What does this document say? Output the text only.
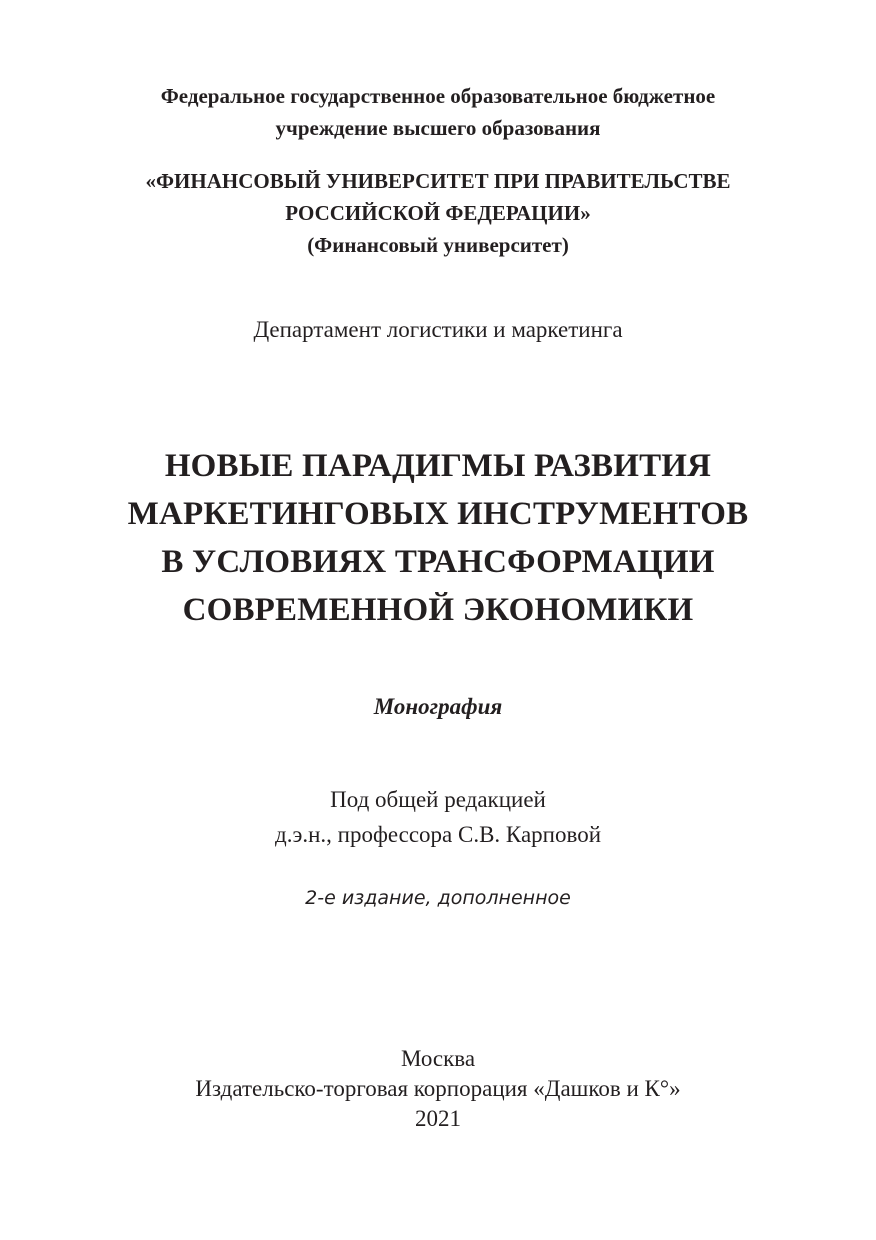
Федеральное государственное образовательное бюджетное
учреждение высшего образования
«ФИНАНСОВЫЙ УНИВЕРСИТЕТ ПРИ ПРАВИТЕЛЬСТВЕ
РОССИЙСКОЙ ФЕДЕРАЦИИ»
(Финансовый университет)
Департамент логистики и маркетинга
НОВЫЕ ПАРАДИГМЫ РАЗВИТИЯ
МАРКЕТИНГОВЫХ ИНСТРУМЕНТОВ
В УСЛОВИЯХ ТРАНСФОРМАЦИИ
СОВРЕМЕННОЙ ЭКОНОМИКИ
Монография
Под общей редакцией
д.э.н., профессора С.В. Карповой
2-е издание, дополненное
Москва
Издательско-торговая корпорация «Дашков и К°»
2021
